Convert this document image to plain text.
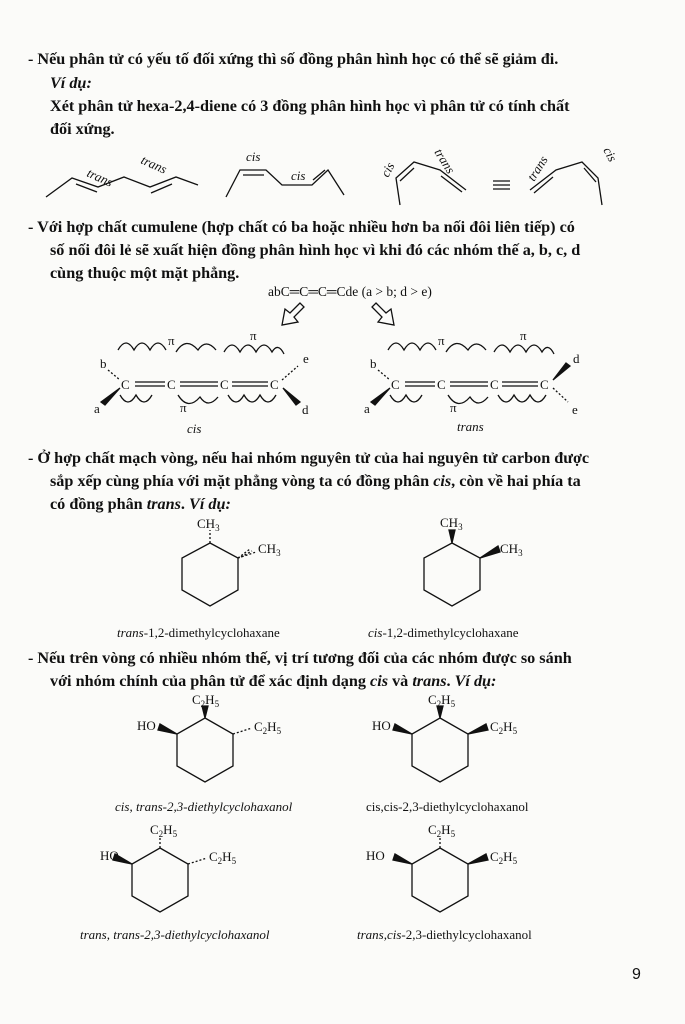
- Nếu phân tử có yếu tố đối xứng thì số đồng phân hình học có thể sẽ giảm đi.
Ví dụ:
Xét phân tử hexa-2,4-diene có 3 đồng phân hình học vì phân tử có tính chất
đối xứng.
trans
trans	cis
cis	cis	trans	trans	cis
- Với hợp chất cumulene (hợp chất có ba hoặc nhiều hơn ba nối đôi liên tiếp) có
số nối đôi lẻ sẽ xuất hiện đồng phân hình học vì khi đó các nhóm thế a, b, c, d
cùng thuộc một mặt phẳng.
abC═C═C═Cde (a > b; d > e)
C	C	C	C
b
a
e
d
π	π
π
C	C	C	C
b
a
d
e
π	π
π
cis	trans
- Ở hợp chất mạch vòng, nếu hai nhóm nguyên tử của hai nguyên tử carbon được
sắp xếp cùng phía với mặt phẳng vòng ta có đồng phân cis, còn về hai phía ta
có đồng phân trans. Ví dụ:
$CH_3$
$CH_3$
$CH_3$
$CH_3$
trans-1,2-dimethylcyclohaxane	cis-1,2-dimethylcyclohaxane
- Nếu trên vòng có nhiều nhóm thế, vị trí tương đối của các nhóm được so sánh
với nhóm chính của phân tử để xác định dạng cis và trans. Ví dụ:
HO
$C_2H_5$
$C_2H_5$	HO
$C_2H_5$
$C_2H_5$
HO
$C_2H_5$
$C_2H_5$	HO
$C_2H_5$
$C_2H_5$
cis, trans-2,3-diethylcyclohaxanol	cis,cis-2,3-diethylcyclohaxanol
trans, trans-2,3-diethylcyclohaxanol	trans,cis-2,3-diethylcyclohaxanol
9
